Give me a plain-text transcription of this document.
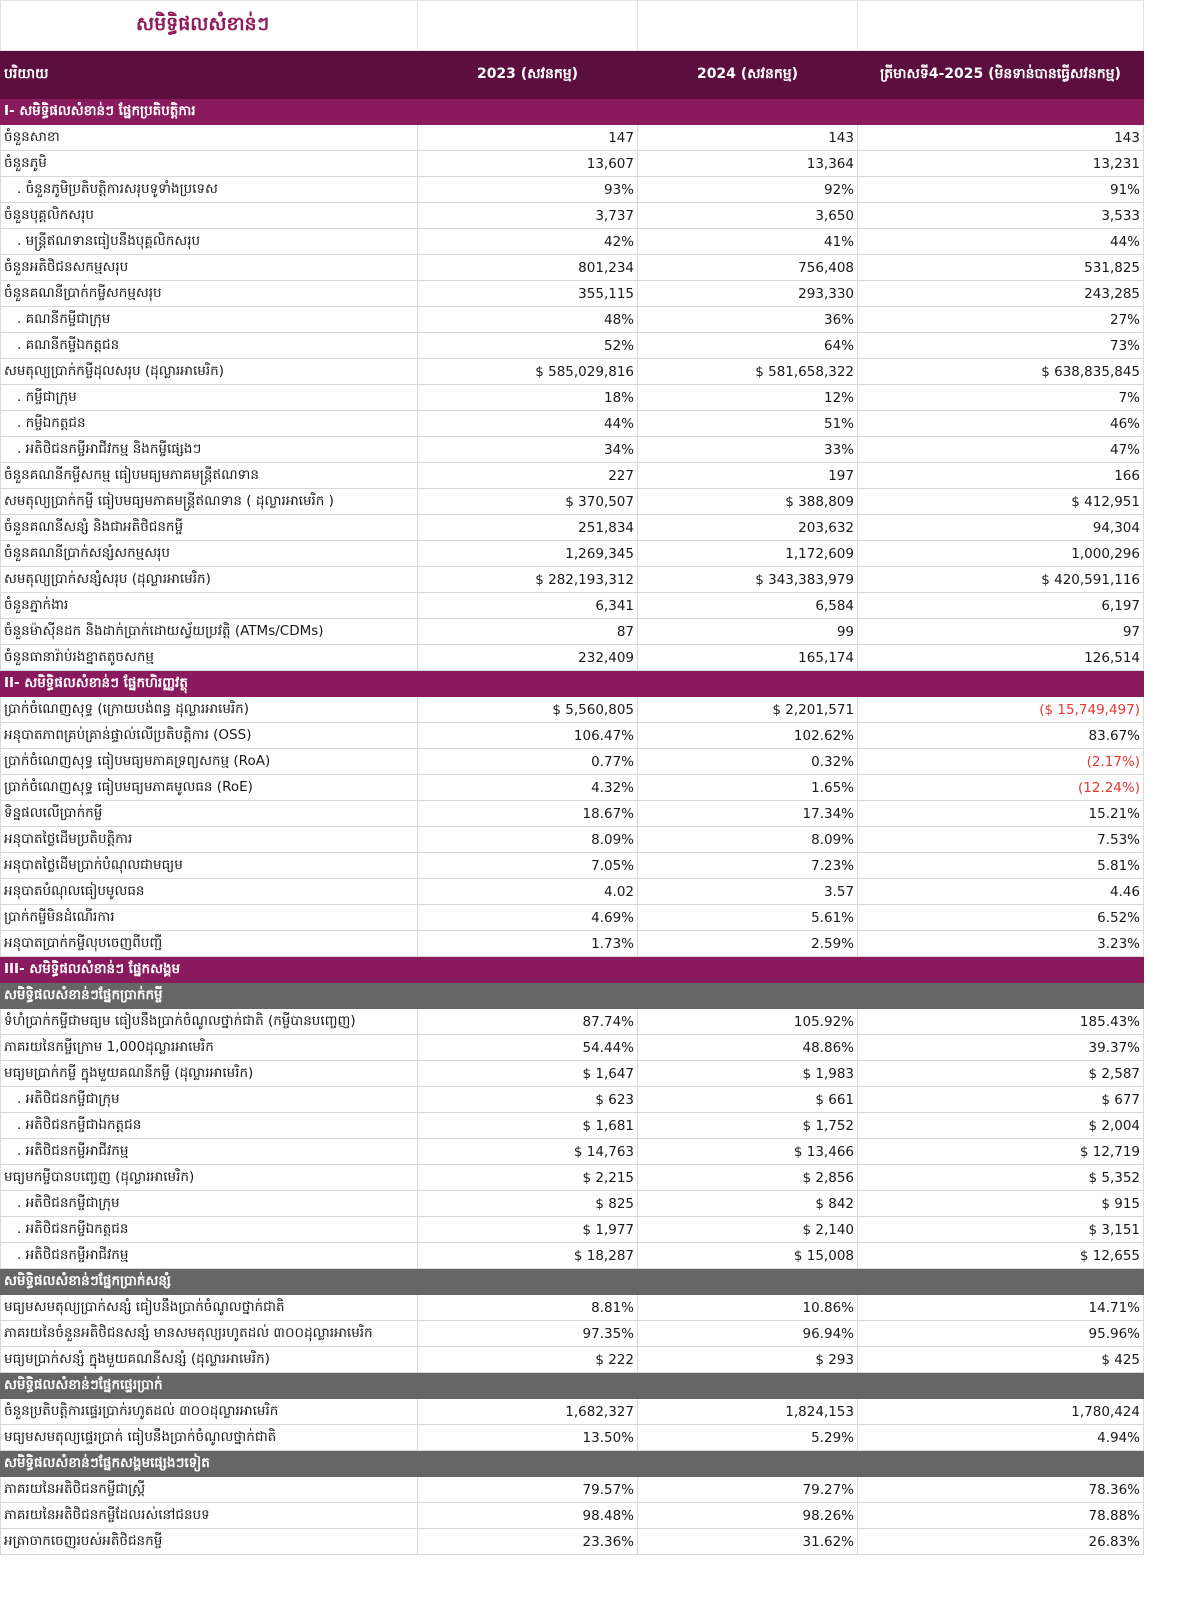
សមិទ្ធិផលសំខាន់ៗ			
បរិយាយ	2023 (សវនកម្ម)	2024 (សវនកម្ម)	ត្រីមាសទី4-2025 (មិនទាន់បានធ្វើសវនកម្ម)
I- សមិទ្ធិផលសំខាន់ៗ ផ្នែកប្រតិបត្តិការ			
ចំនួនសាខា	147	143	143
ចំនួនភូមិ	13,607	13,364	13,231
. ចំនួនភូមិប្រតិបត្តិការសរុបទូទាំងប្រទេស	93%	92%	91%
ចំនួនបុគ្គលិកសរុប	3,737	3,650	3,533
. មន្ត្រីឥណទានធៀបនឹងបុគ្គលិកសរុប	42%	41%	44%
ចំនួនអតិថិជនសកម្មសរុប	801,234	756,408	531,825
ចំនួនគណនីប្រាក់កម្ចីសកម្មសរុប	355,115	293,330	243,285
. គណនីកម្ចីជាក្រុម	48%	36%	27%
. គណនីកម្ចីឯកត្តជន	52%	64%	73%
សមតុល្យប្រាក់កម្ចីដុលសរុប (ដុល្លារអាមេរិក)	$ 585,029,816	$ 581,658,322	$ 638,835,845
. កម្ចីជាក្រុម	18%	12%	7%
. កម្ចីឯកត្តជន	44%	51%	46%
. អតិថិជនកម្ចីអាជីវកម្ម និងកម្ចីផ្សេងៗ	34%	33%	47%
ចំនួនគណនីកម្ចីសកម្ម ធៀបមធ្យមភាគមន្ត្រីឥណទាន	227	197	166
សមតុល្យប្រាក់កម្ចី ធៀបមធ្យមភាគមន្ត្រីឥណទាន ( ដុល្លារអាមេរិក )	$ 370,507	$ 388,809	$ 412,951
ចំនួនគណនីសន្សំ និងជាអតិថិជនកម្ចី	251,834	203,632	94,304
ចំនួនគណនីប្រាក់សន្សំសកម្មសរុប	1,269,345	1,172,609	1,000,296
សមតុល្យប្រាក់សន្សំសរុប (ដុល្លារអាមេរិក)	$ 282,193,312	$ 343,383,979	$ 420,591,116
ចំនួនភ្នាក់ងារ	6,341	6,584	6,197
ចំនួនម៉ាស៊ីនដក និងដាក់ប្រាក់ដោយស្វ័យប្រវត្តិ (ATMs/CDMs)	87	99	97
ចំនួនធានារ៉ាប់រងខ្នាតតូចសកម្ម	232,409	165,174	126,514
II- សមិទ្ធិផលសំខាន់ៗ ផ្នែកហិរញ្ញវត្ថុ			
ប្រាក់ចំណេញសុទ្ធ (ក្រោយបង់ពន្ធ ដុល្លារអាមេរិក)	$ 5,560,805	$ 2,201,571	($ 15,749,497)
អនុបាតភាពគ្រប់គ្រាន់ផ្ទាល់លើប្រតិបត្តិការ (OSS)	106.47%	102.62%	83.67%
ប្រាក់ចំណេញសុទ្ធ ធៀបមធ្យមភាគទ្រព្យសកម្ម (RoA)	0.77%	0.32%	(2.17%)
ប្រាក់ចំណេញសុទ្ធ ធៀបមធ្យមភាគមូលធន (RoE)	4.32%	1.65%	(12.24%)
ទិន្នផលលើប្រាក់កម្ចី	18.67%	17.34%	15.21%
អនុបាតថ្លៃដើមប្រតិបត្តិការ	8.09%	8.09%	7.53%
អនុបាតថ្លៃដើមប្រាក់បំណុលជាមធ្យម	7.05%	7.23%	5.81%
អនុបាតបំណុលធៀបមូលធន	4.02	3.57	4.46
ប្រាក់កម្ចីមិនដំណើរការ	4.69%	5.61%	6.52%
អនុបាតប្រាក់កម្ចីលុបចេញពីបញ្ជី	1.73%	2.59%	3.23%
III- សមិទ្ធិផលសំខាន់ៗ ផ្នែកសង្គម			
សមិទ្ធិផលសំខាន់ៗផ្នែកប្រាក់កម្ចី			
ទំហំប្រាក់កម្ចីជាមធ្យម ធៀបនឹងប្រាក់ចំណូលថ្នាក់ជាតិ (កម្ចីបានបញ្ចេញ)	87.74%	105.92%	185.43%
ភាគរយនៃកម្ចីក្រោម 1,000ដុល្លារអាមេរិក	54.44%	48.86%	39.37%
មធ្យមប្រាក់កម្ចី ក្នុងមួយគណនីកម្ចី (ដុល្លារអាមេរិក)	$ 1,647	$ 1,983	$ 2,587
. អតិថិជនកម្ចីជាក្រុម	$ 623	$ 661	$ 677
. អតិថិជនកម្ចីជាឯកត្តជន	$ 1,681	$ 1,752	$ 2,004
. អតិថិជនកម្ចីអាជីវកម្ម	$ 14,763	$ 13,466	$ 12,719
មធ្យមកម្ចីបានបញ្ចេញ (ដុល្លារអាមេរិក)	$ 2,215	$ 2,856	$ 5,352
. អតិថិជនកម្ចីជាក្រុម	$ 825	$ 842	$ 915
. អតិថិជនកម្ចីឯកត្តជន	$ 1,977	$ 2,140	$ 3,151
. អតិថិជនកម្ចីអាជីវកម្ម	$ 18,287	$ 15,008	$ 12,655
សមិទ្ធិផលសំខាន់ៗផ្នែកប្រាក់សន្សំ			
មធ្យមសមតុល្យប្រាក់សន្សំ ធៀបនឹងប្រាក់ចំណូលថ្នាក់ជាតិ	8.81%	10.86%	14.71%
ភាគរយនៃចំនួនអតិថិជនសន្សំ មានសមតុល្យរហូតដល់ ៣០០ដុល្លារអាមេរិក	97.35%	96.94%	95.96%
មធ្យមប្រាក់សន្សំ ក្នុងមួយគណនីសន្សំ (ដុល្លារអាមេរិក)	$ 222	$ 293	$ 425
សមិទ្ធិផលសំខាន់ៗផ្នែកផ្ទេរប្រាក់			
ចំនួនប្រតិបត្តិការផ្ទេរប្រាក់រហូតដល់ ៣០០ដុល្លារអាមេរិក	1,682,327	1,824,153	1,780,424
មធ្យមសមតុល្យផ្ទេរប្រាក់ ធៀបនឹងប្រាក់ចំណូលថ្នាក់ជាតិ	13.50%	5.29%	4.94%
សមិទ្ធិផលសំខាន់ៗផ្នែកសង្គមផ្សេងៗទៀត			
ភាគរយនៃអតិថិជនកម្ចីជាស្ត្រី	79.57%	79.27%	78.36%
ភាគរយនៃអតិថិជនកម្ចីដែលរស់នៅជនបទ	98.48%	98.26%	78.88%
អត្រាចាកចេញរបស់អតិថិជនកម្ចី	23.36%	31.62%	26.83%
